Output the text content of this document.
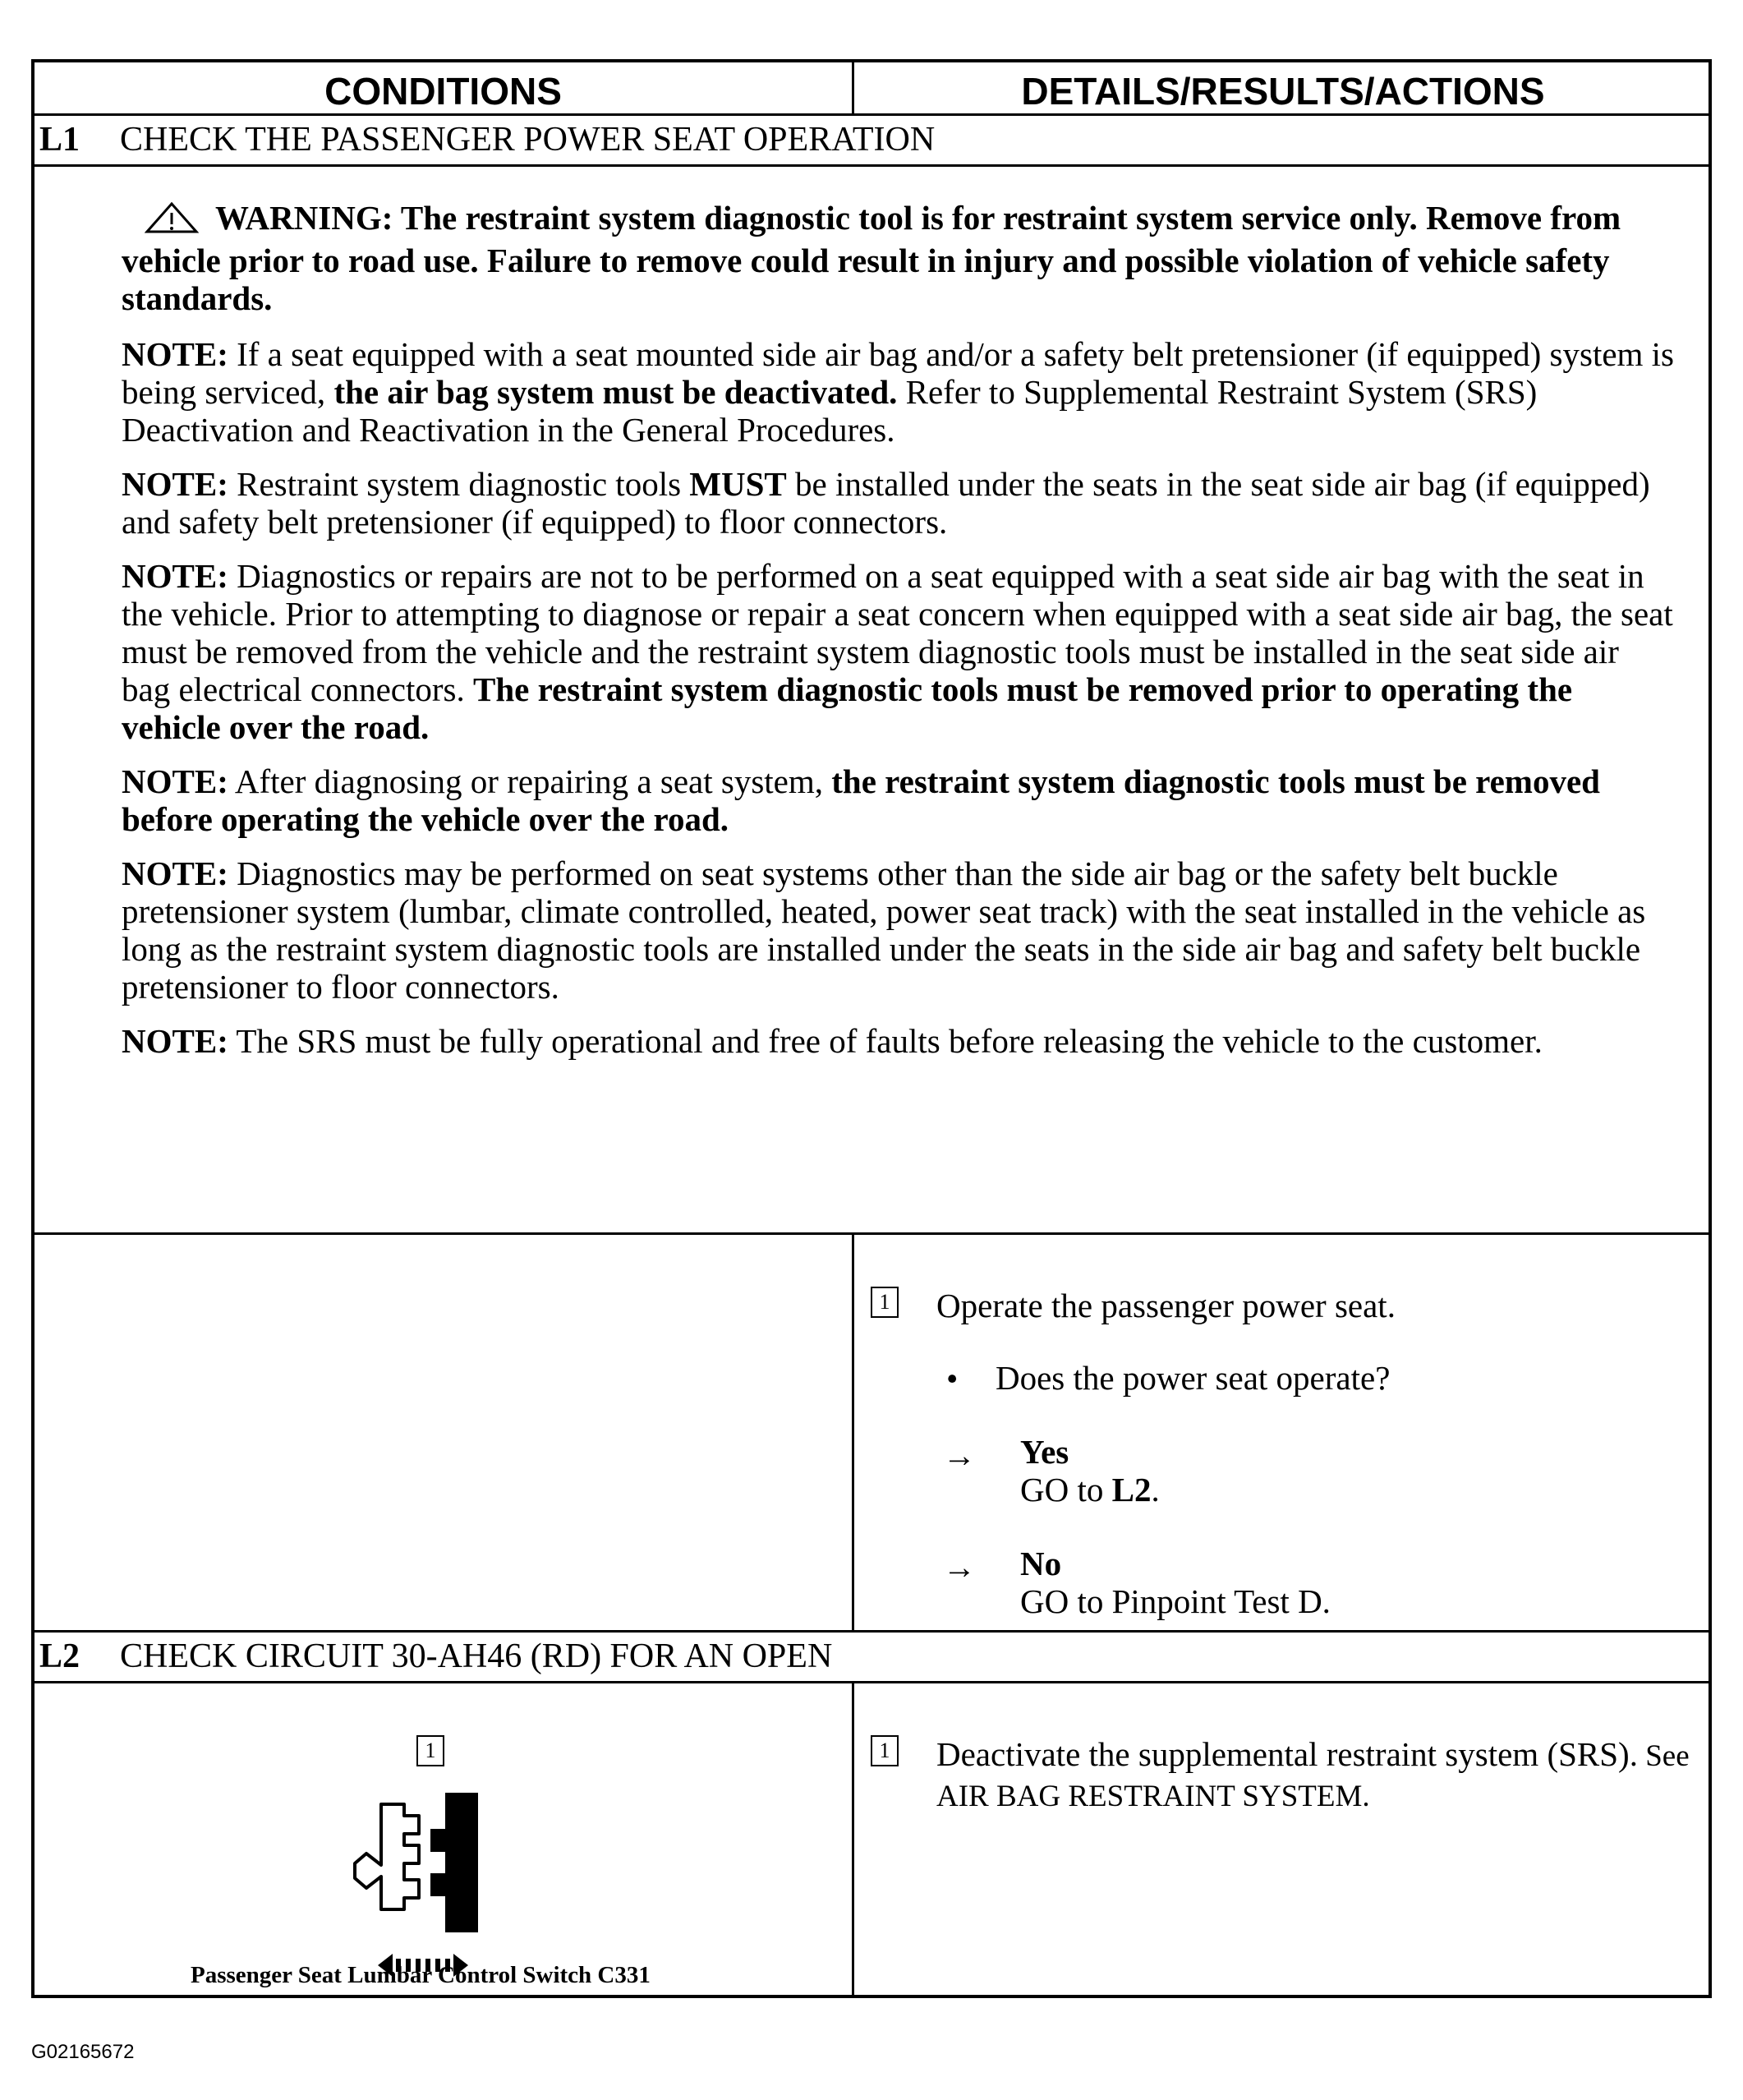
CONDITIONS	DETAILS/RESULTS/ACTIONS
L1 CHECK THE PASSENGER POWER SEAT OPERATION

WARNING: The restraint system diagnostic tool is for restraint system service only. Remove from vehicle prior to road use. Failure to remove could result in injury and possible violation of vehicle safety standards.

NOTE: If a seat equipped with a seat mounted side air bag and/or a safety belt pretensioner (if equipped) system is being serviced, the air bag system must be deactivated. Refer to Supplemental Restraint System (SRS) Deactivation and Reactivation in the General Procedures.

NOTE: Restraint system diagnostic tools MUST be installed under the seats in the seat side air bag (if equipped) and safety belt pretensioner (if equipped) to floor connectors.

NOTE: Diagnostics or repairs are not to be performed on a seat equipped with a seat side air bag with the seat in the vehicle. Prior to attempting to diagnose or repair a seat concern when equipped with a seat side air bag, the seat must be removed from the vehicle and the restraint system diagnostic tools must be installed in the seat side air bag electrical connectors. The restraint system diagnostic tools must be removed prior to operating the vehicle over the road.

NOTE: After diagnosing or repairing a seat system, the restraint system diagnostic tools must be removed before operating the vehicle over the road.

NOTE: Diagnostics may be performed on seat systems other than the side air bag or the safety belt buckle pretensioner system (lumbar, climate controlled, heated, power seat track) with the seat installed in the vehicle as long as the restraint system diagnostic tools are installed under the seats in the side air bag and safety belt buckle pretensioner to floor connectors.

NOTE: The SRS must be fully operational and free of faults before releasing the vehicle to the customer.

1 Operate the passenger power seat.
• Does the power seat operate?
→ Yes
GO to L2.
→ No
GO to Pinpoint Test D.
L2 CHECK CIRCUIT 30-AH46 (RD) FOR AN OPEN
1
Passenger Seat Lumbar Control Switch C331
1 Deactivate the supplemental restraint system (SRS). See AIR BAG RESTRAINT SYSTEM.
G02165672
